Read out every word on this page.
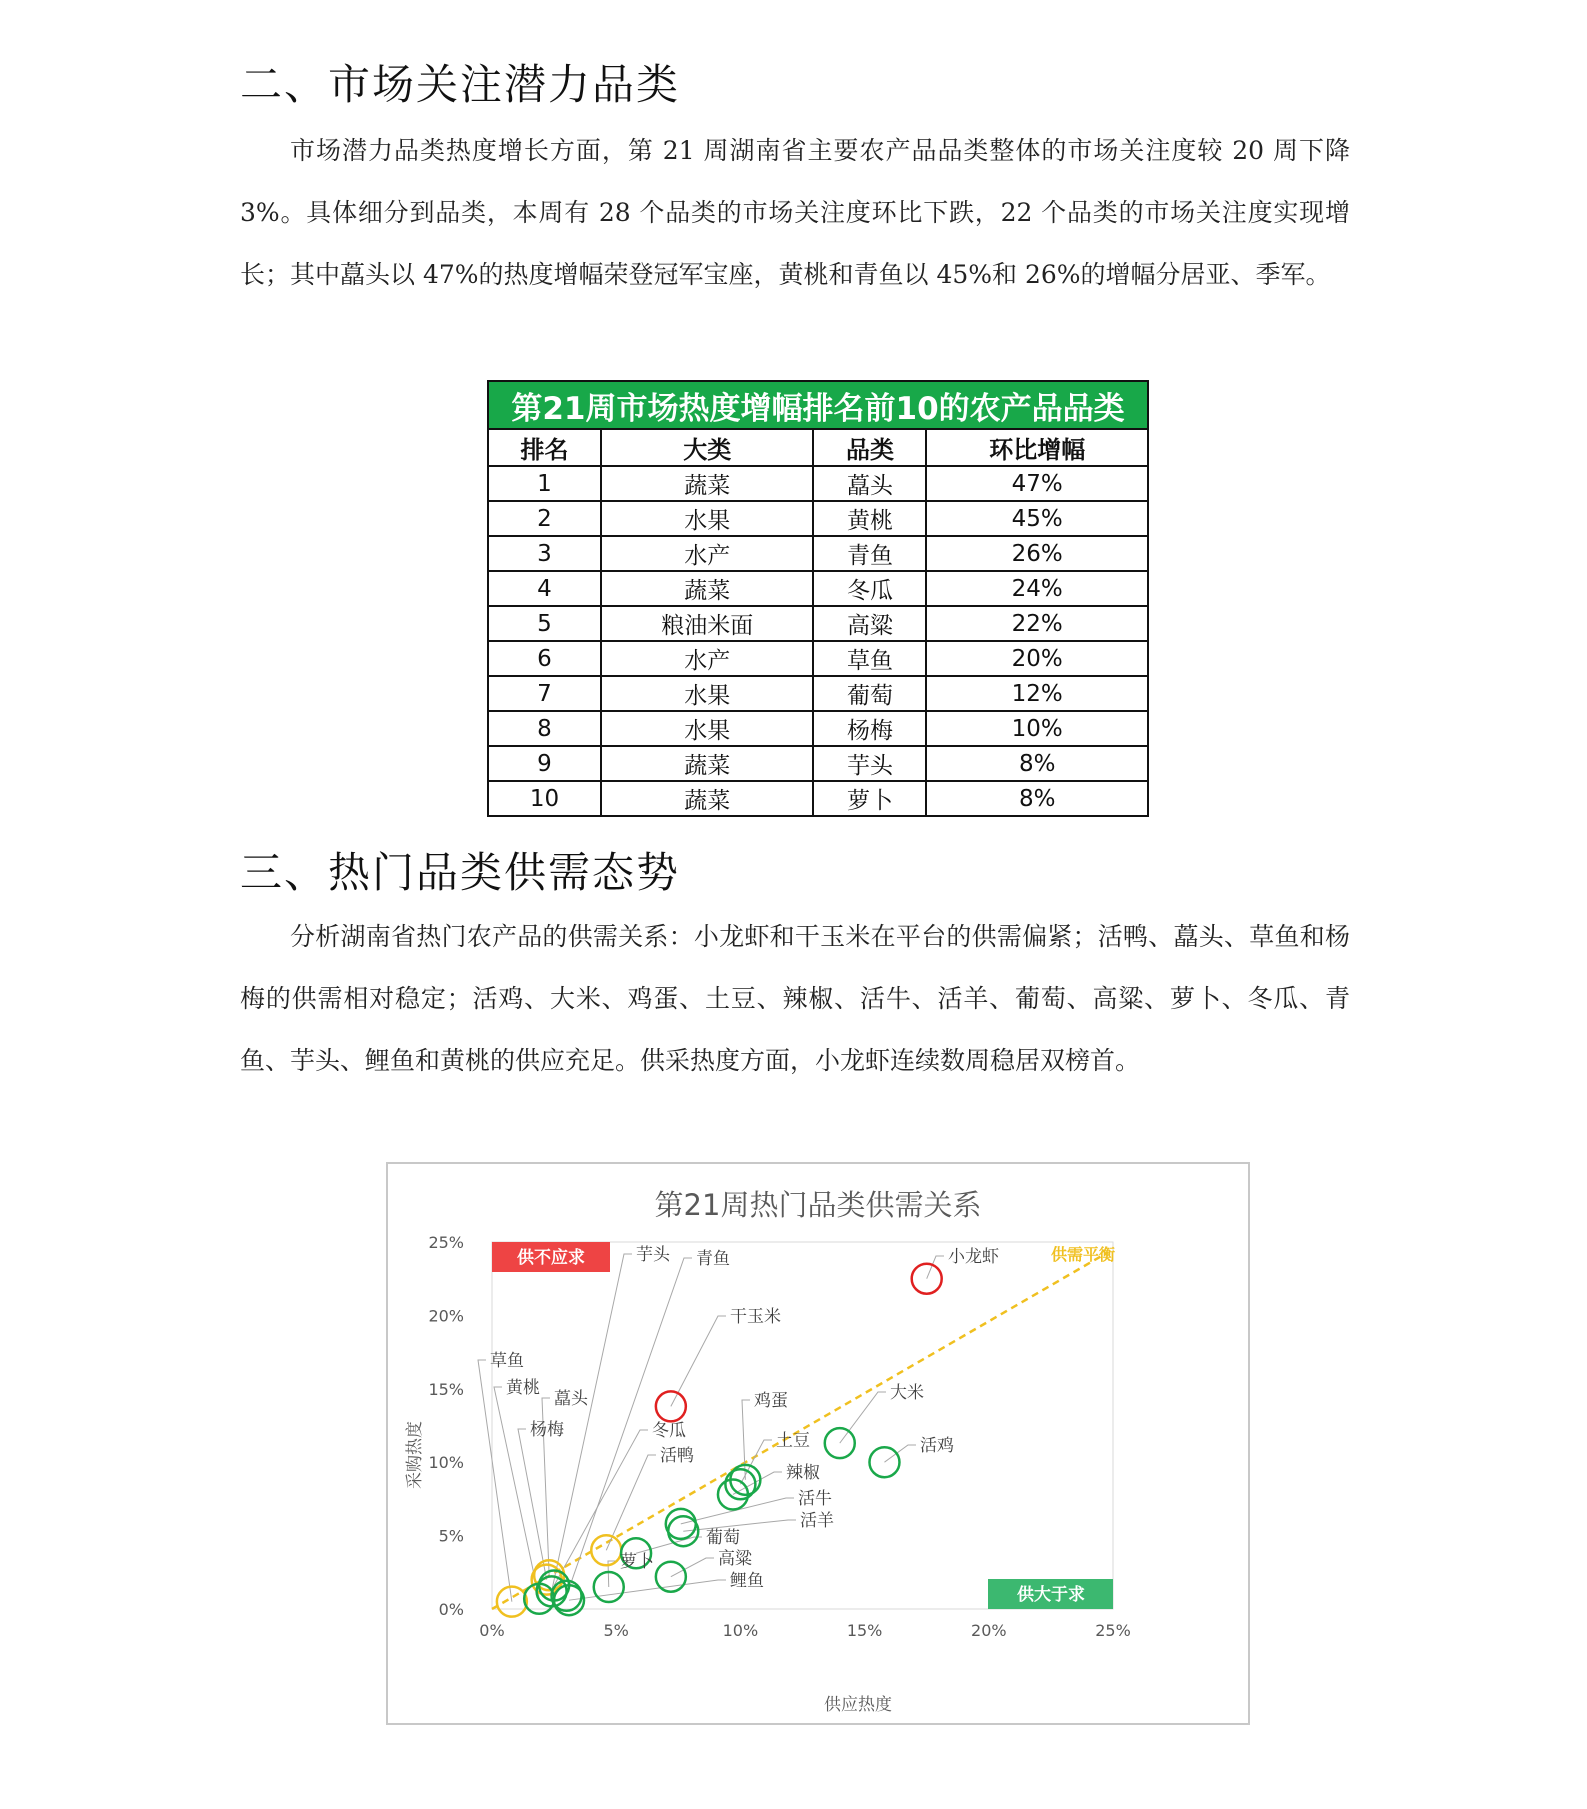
二、市场关注潜力品类

市场潜力品类热度增长方面，第 21 周湖南省主要农产品品类整体的市场关注度较 20 周下降 3%。具体细分到品类，本周有 28 个品类的市场关注度环比下跌，22 个品类的市场关注度实现增长；其中藠头以 47%的热度增幅荣登冠军宝座，黄桃和青鱼以 45%和 26%的增幅分居亚、季军。

第21周市场热度增幅排名前10的农产品品类			
排名	大类	品类	环比增幅
1	蔬菜	藠头	47%
2	水果	黄桃	45%
3	水产	青鱼	26%
4	蔬菜	冬瓜	24%
5	粮油米面	高粱	22%
6	水产	草鱼	20%
7	水果	葡萄	12%
8	水果	杨梅	10%
9	蔬菜	芋头	8%
10	蔬菜	萝卜	8%
三、热门品类供需态势

分析湖南省热门农产品的供需关系：小龙虾和干玉米在平台的供需偏紧；活鸭、藠头、草鱼和杨梅的供需相对稳定；活鸡、大米、鸡蛋、土豆、辣椒、活牛、活羊、葡萄、高粱、萝卜、冬瓜、青鱼、芋头、鲤鱼和黄桃的供应充足。供采热度方面，小龙虾连续数周稳居双榜首。

第21周热门品类供需关系
供应热度
采购热度
0%	5%	10%	15%	20%	25%
0%
5%
10%
15%
20%
25%
供不应求
供大于求
供需平衡
小龙虾
干玉米
活鸭
藠头
草鱼
杨梅
活鸡
大米
鸡蛋
土豆
辣椒
活牛
活羊
葡萄
高粱
萝卜
冬瓜
青鱼
芋头
鲤鱼
黄桃
